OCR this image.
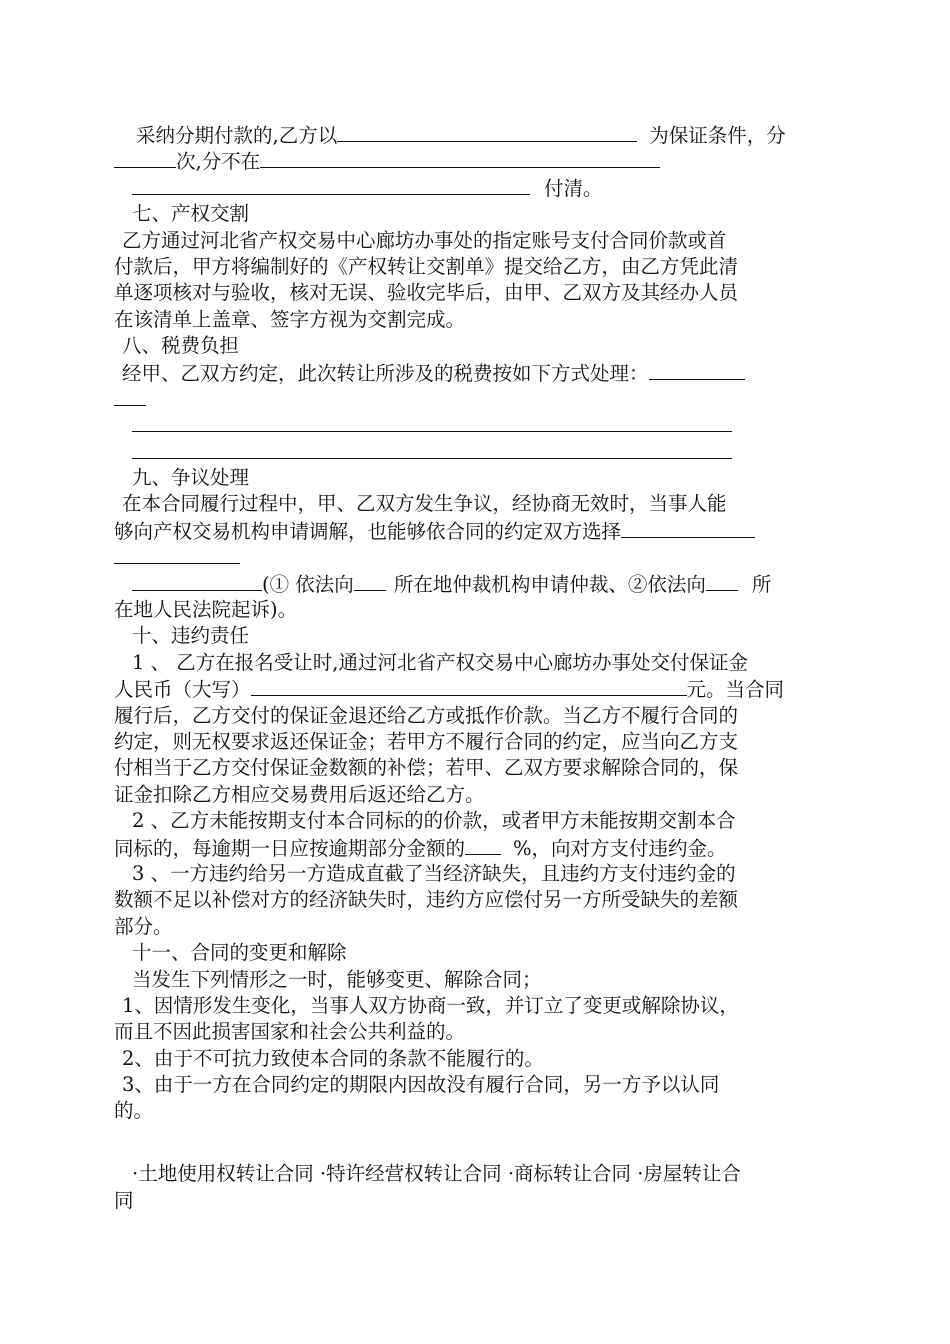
采纳分期付款的,乙方以	为保证条件，分
次,分不在
付清。
七、产权交割
乙方通过河北省产权交易中心廊坊办事处的指定账号支付合同价款或首
付款后，甲方将编制好的《产权转让交割单》提交给乙方，由乙方凭此清
单逐项核对与验收，核对无误、验收完毕后，由甲、乙双方及其经办人员
在该清单上盖章、签字方视为交割完成。
八、税费负担
经甲、乙双方约定，此次转让所涉及的税费按如下方式处理：
九、争议处理
在本合同履行过程中，甲、乙双方发生争议，经协商无效时，当事人能
够向产权交易机构申请调解，也能够依合同的约定双方选择
(① 依法向 所在地仲裁机构申请仲裁、②依法向 所
在地人民法院起诉)。
十、违约责任
1 、 乙方在报名受让时,通过河北省产权交易中心廊坊办事处交付保证金
人民币（大写）	元。当合同
履行后，乙方交付的保证金退还给乙方或抵作价款。当乙方不履行合同的
约定，则无权要求返还保证金；若甲方不履行合同的约定，应当向乙方支
付相当于乙方交付保证金数额的补偿；若甲、乙双方要求解除合同的，保
证金扣除乙方相应交易费用后返还给乙方。
2 、乙方未能按期支付本合同标的的价款，或者甲方未能按期交割本合
同标的，每逾期一日应按逾期部分金额的 %，向对方支付违约金。
3 、一方违约给另一方造成直截了当经济缺失，且违约方支付违约金的
数额不足以补偿对方的经济缺失时，违约方应偿付另一方所受缺失的差额
部分。
十一、合同的变更和解除
当发生下列情形之一时，能够变更、解除合同；
1、因情形发生变化，当事人双方协商一致，并订立了变更或解除协议，
而且不因此损害国家和社会公共利益的。
2、由于不可抗力致使本合同的条款不能履行的。
3、由于一方在合同约定的期限内因故没有履行合同，另一方予以认同
的。
·土地使用权转让合同 ·特许经营权转让合同 ·商标转让合同 ·房屋转让合
同
